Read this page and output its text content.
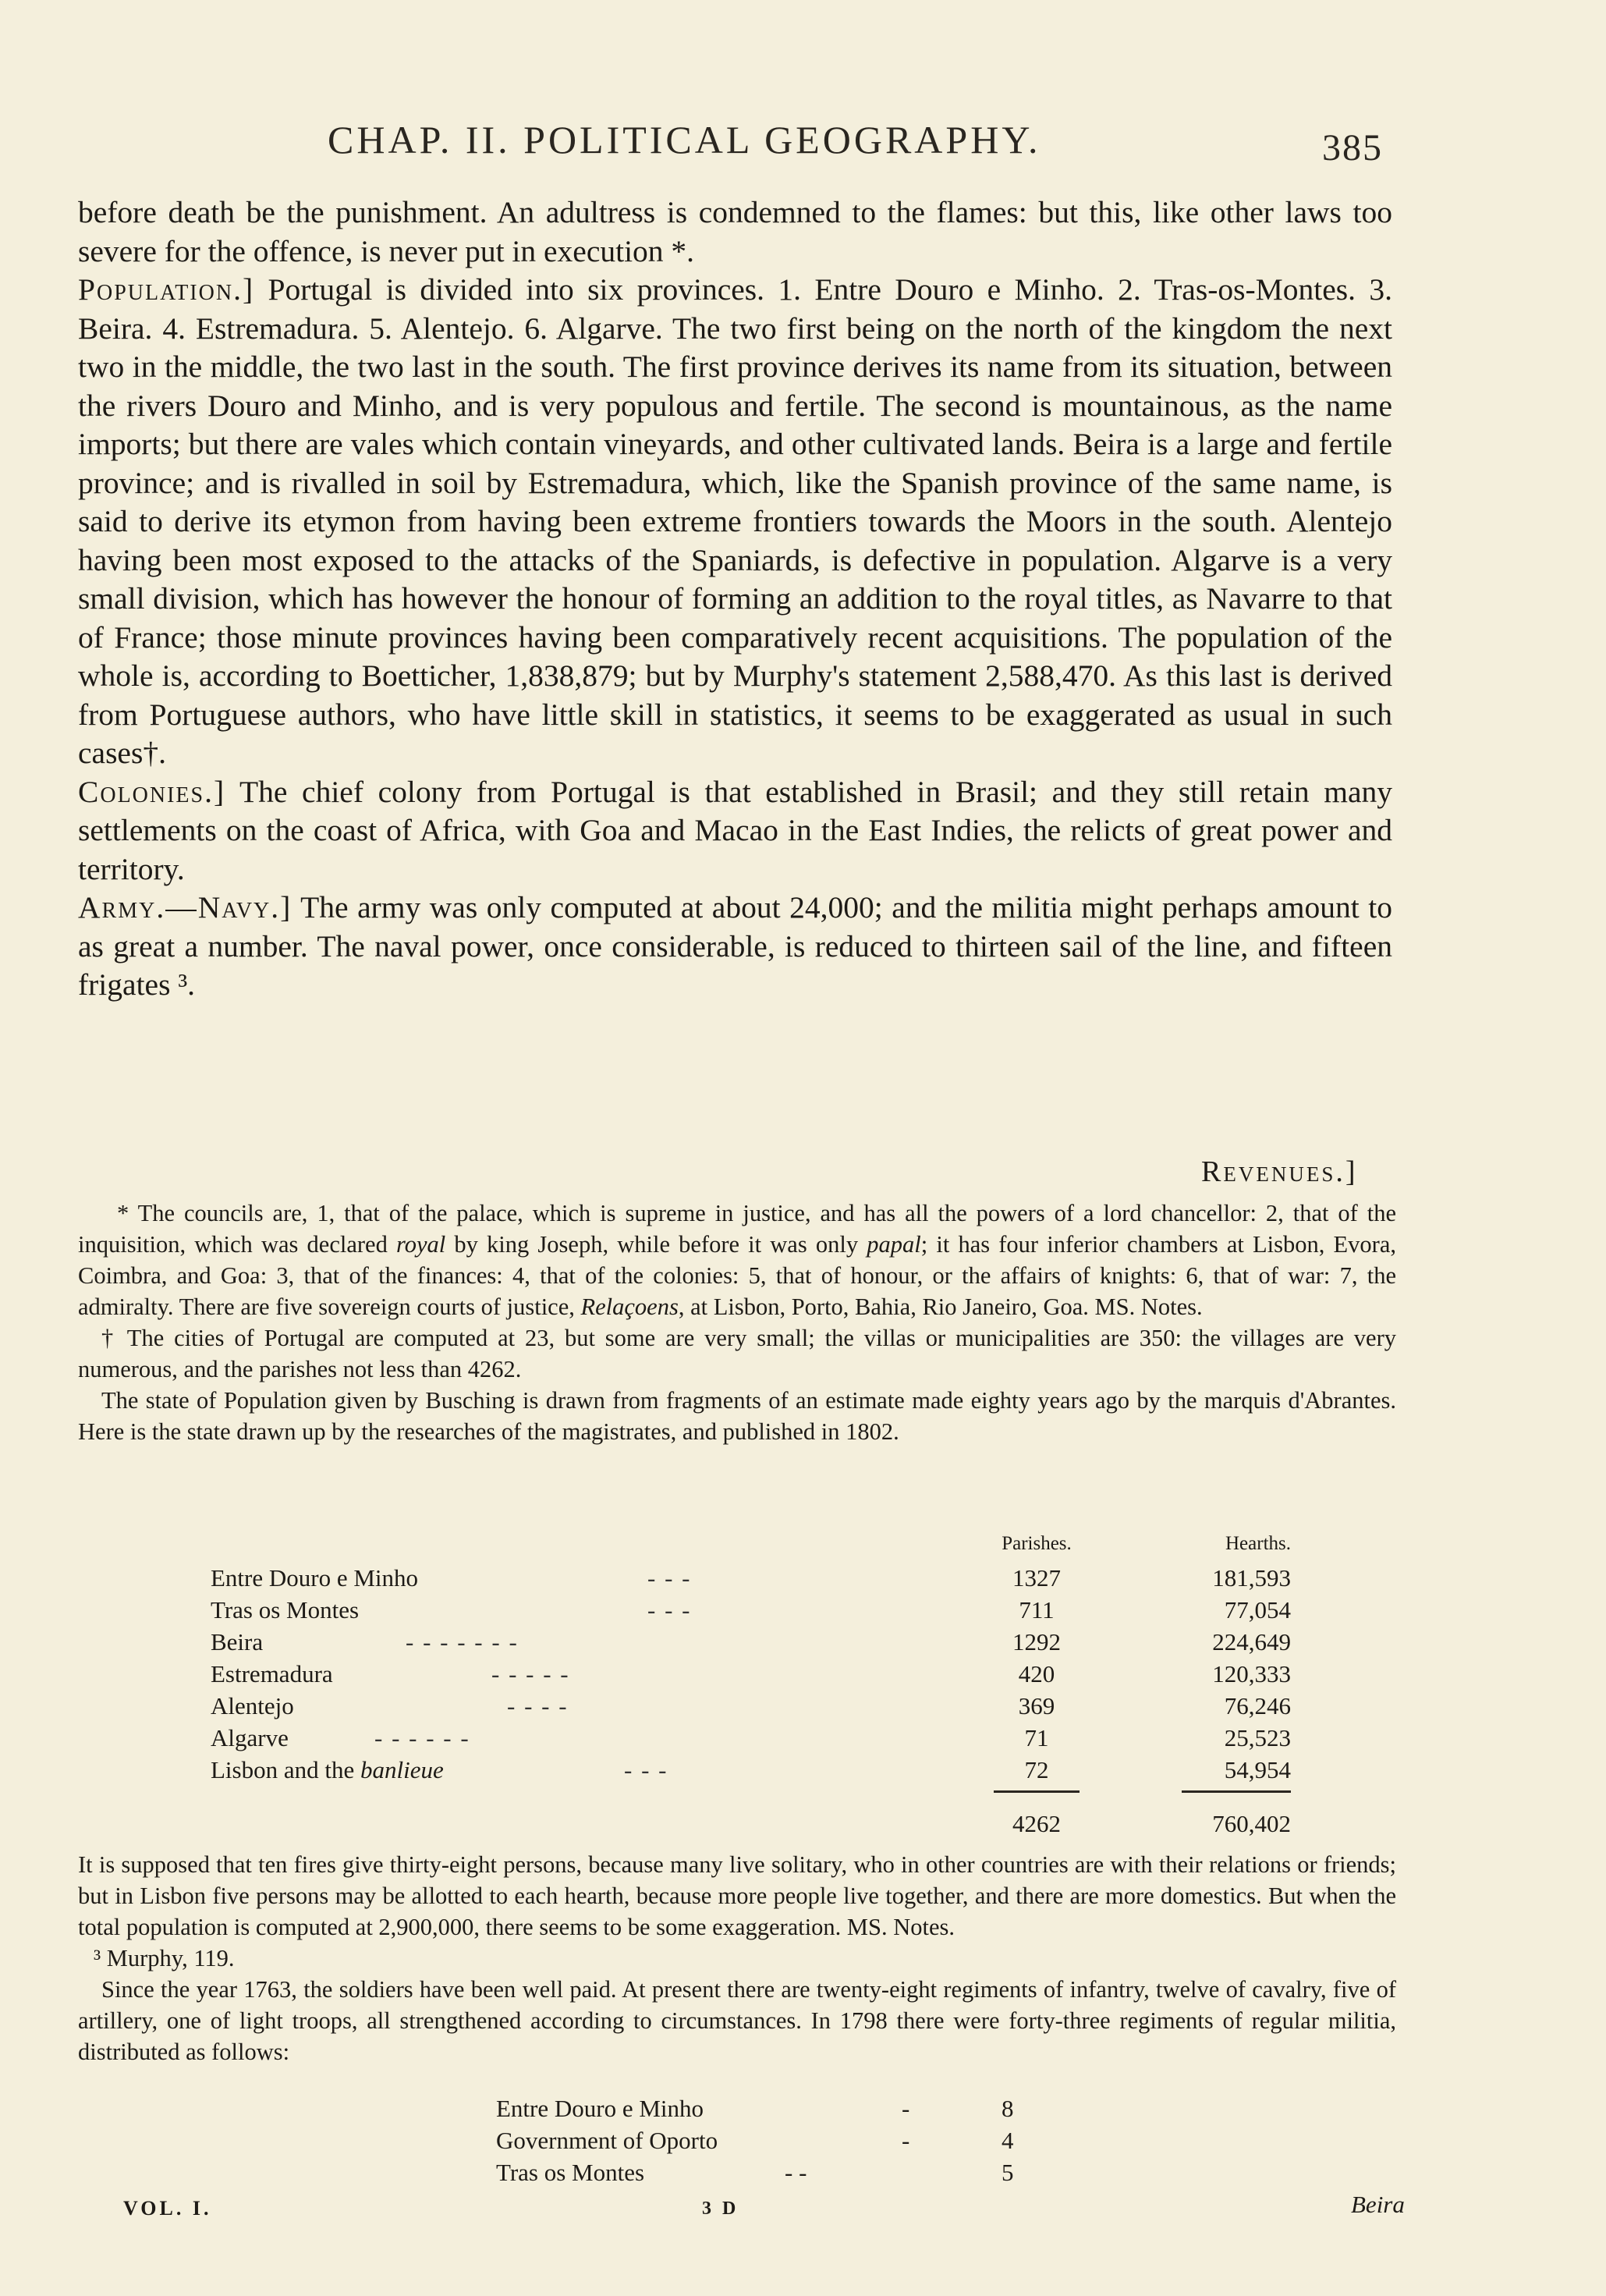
CHAP. II. POLITICAL GEOGRAPHY.	385

before death be the punishment. An adultress is condemned to the flames: but this, like other laws too severe for the offence, is never put in execution *.

Population.] Portugal is divided into six provinces. 1. Entre Douro e Minho. 2. Tras-os-Montes. 3. Beira. 4. Estremadura. 5. Alentejo. 6. Algarve. The two first being on the north of the kingdom the next two in the middle, the two last in the south. The first province derives its name from its situation, between the rivers Douro and Minho, and is very populous and fertile. The second is mountainous, as the name imports; but there are vales which contain vineyards, and other cultivated lands. Beira is a large and fertile province; and is rivalled in soil by Estremadura, which, like the Spanish province of the same name, is said to derive its etymon from having been extreme frontiers towards the Moors in the south. Alentejo having been most exposed to the attacks of the Spaniards, is defective in population. Algarve is a very small division, which has however the honour of forming an addition to the royal titles, as Navarre to that of France; those minute provinces having been comparatively recent acquisitions. The population of the whole is, according to Boetticher, 1,838,879; but by Murphy's statement 2,588,470. As this last is derived from Portuguese authors, who have little skill in statistics, it seems to be exaggerated as usual in such cases†.

Colonies.] The chief colony from Portugal is that established in Brasil; and they still retain many settlements on the coast of Africa, with Goa and Macao in the East Indies, the relicts of great power and territory.

Army.—Navy.] The army was only computed at about 24,000; and the militia might perhaps amount to as great a number. The naval power, once considerable, is reduced to thirteen sail of the line, and fifteen frigates ³.

Revenues.]

* The councils are, 1, that of the palace, which is supreme in justice, and has all the powers of a lord chancellor: 2, that of the inquisition, which was declared royal by king Joseph, while before it was only papal; it has four inferior chambers at Lisbon, Evora, Coimbra, and Goa: 3, that of the finances: 4, that of the colonies: 5, that of honour, or the affairs of knights: 6, that of war: 7, the admiralty. There are five sovereign courts of justice, Relaçoens, at Lisbon, Porto, Bahia, Rio Janeiro, Goa. MS. Notes.

† The cities of Portugal are computed at 23, but some are very small; the villas or municipalities are 350: the villages are very numerous, and the parishes not less than 4262.

The state of Population given by Busching is drawn from fragments of an estimate made eighty years ago by the marquis d'Abrantes. Here is the state drawn up by the researches of the magistrates, and published in 1802.

Parishes.	Hearths.
Entre Douro e Minho	- - -	1327	181,593
Tras os Montes	- - -	711	77,054
Beira	- - - - - - -	1292	224,649
Estremadura	- - - - -	420	120,333
Alentejo	- - - -	369	76,246
Algarve	- - - - - -	71	25,523
Lisbon and the banlieue	- - -	72	54,954
4262	760,402

It is supposed that ten fires give thirty-eight persons, because many live solitary, who in other countries are with their relations or friends; but in Lisbon five persons may be allotted to each hearth, because more people live together, and there are more domestics. But when the total population is computed at 2,900,000, there seems to be some exaggeration. MS. Notes.

³ Murphy, 119.

Since the year 1763, the soldiers have been well paid. At present there are twenty-eight regiments of infantry, twelve of cavalry, five of artillery, one of light troops, all strengthened according to circumstances. In 1798 there were forty-three regiments of regular militia, distributed as follows:

Entre Douro e Minho	-	8
Government of Oporto	-	4
Tras os Montes	- -	5
VOL. I.	3 D	Beira
